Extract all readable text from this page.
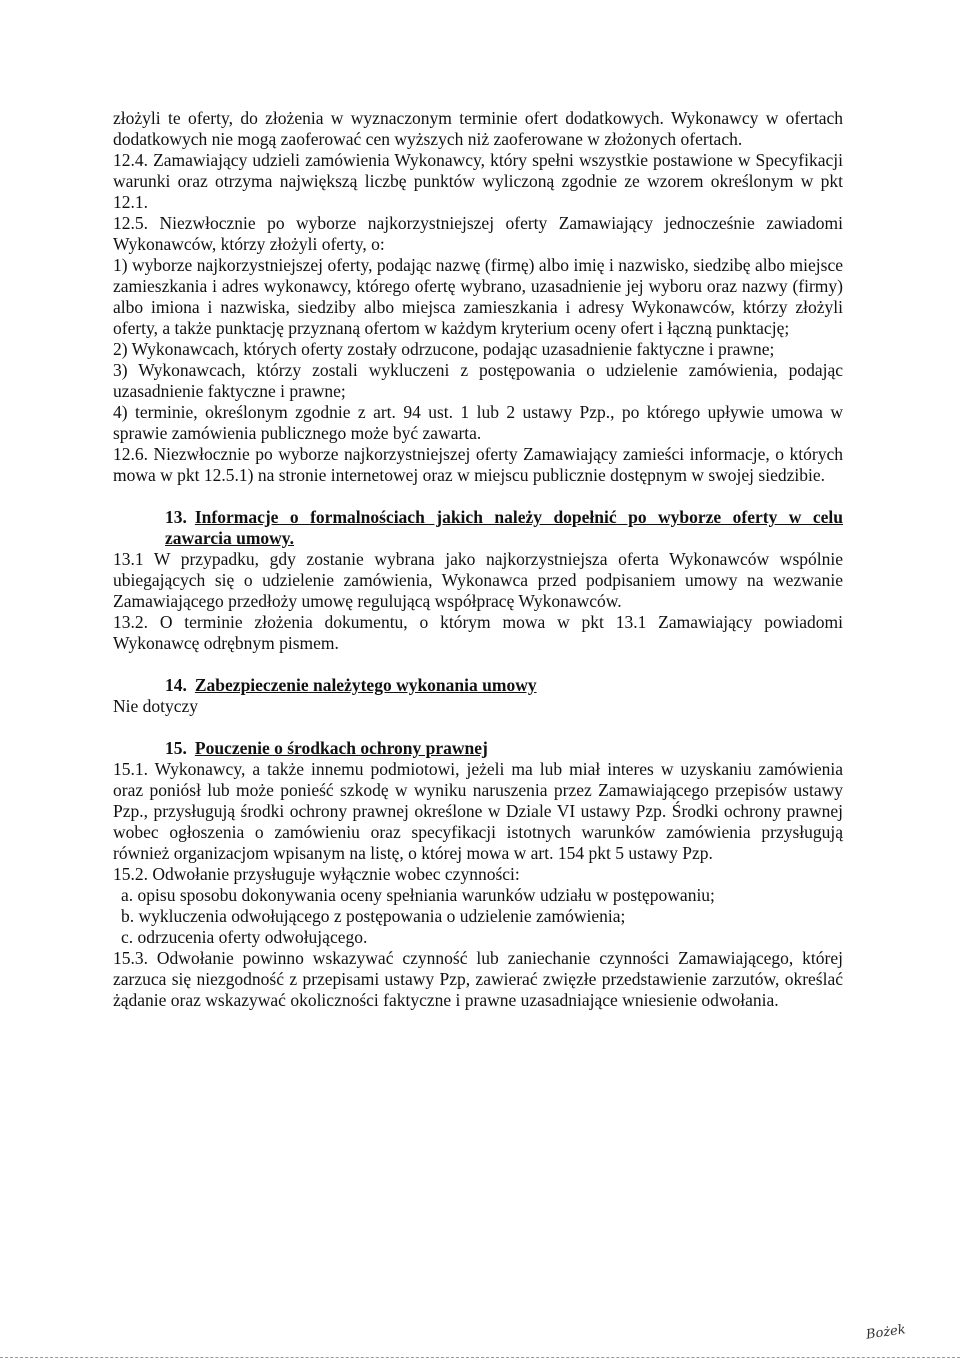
złożyli te oferty, do złożenia w wyznaczonym terminie ofert dodatkowych. Wykonawcy w ofertach dodatkowych nie mogą zaoferować cen wyższych niż zaoferowane w złożonych ofertach.

12.4. Zamawiający udzieli zamówienia Wykonawcy, który spełni wszystkie postawione w Specyfikacji warunki oraz otrzyma największą liczbę punktów wyliczoną zgodnie ze wzorem określonym w pkt 12.1.

12.5. Niezwłocznie po wyborze najkorzystniejszej oferty Zamawiający jednocześnie zawiadomi Wykonawców, którzy złożyli oferty, o:

1) wyborze najkorzystniejszej oferty, podając nazwę (firmę) albo imię i nazwisko, siedzibę albo miejsce zamieszkania i adres wykonawcy, którego ofertę wybrano, uzasadnienie jej wyboru oraz nazwy (firmy) albo imiona i nazwiska, siedziby albo miejsca zamieszkania i adresy Wykonawców, którzy złożyli oferty, a także punktację przyznaną ofertom w każdym kryterium oceny ofert i łączną punktację;

2) Wykonawcach, których oferty zostały odrzucone, podając uzasadnienie faktyczne i prawne;

3) Wykonawcach, którzy zostali wykluczeni z postępowania o udzielenie zamówienia, podając uzasadnienie faktyczne i prawne;

4) terminie, określonym zgodnie z art. 94 ust. 1 lub 2 ustawy Pzp., po którego upływie umowa w sprawie zamówienia publicznego może być zawarta.

12.6. Niezwłocznie po wyborze najkorzystniejszej oferty Zamawiający zamieści informacje, o których mowa w pkt 12.5.1) na stronie internetowej oraz w miejscu publicznie dostępnym w swojej siedzibie.

13. Informacje o formalnościach jakich należy dopełnić po wyborze oferty w celu zawarcia umowy.

13.1 W przypadku, gdy zostanie wybrana jako najkorzystniejsza oferta Wykonawców wspólnie ubiegających się o udzielenie zamówienia, Wykonawca przed podpisaniem umowy na wezwanie Zamawiającego przedłoży umowę regulującą współpracę Wykonawców.

13.2. O terminie złożenia dokumentu, o którym mowa w pkt 13.1 Zamawiający powiadomi Wykonawcę odrębnym pismem.

14. Zabezpieczenie należytego wykonania umowy

Nie dotyczy

15. Pouczenie o środkach ochrony prawnej

15.1. Wykonawcy, a także innemu podmiotowi, jeżeli ma lub miał interes w uzyskaniu zamówienia oraz poniósł lub może ponieść szkodę w wyniku naruszenia przez Zamawiającego przepisów ustawy Pzp., przysługują środki ochrony prawnej określone w Dziale VI ustawy Pzp. Środki ochrony prawnej wobec ogłoszenia o zamówieniu oraz specyfikacji istotnych warunków zamówienia przysługują również organizacjom wpisanym na listę, o której mowa w art. 154 pkt 5 ustawy Pzp.

15.2. Odwołanie przysługuje wyłącznie wobec czynności:

a. opisu sposobu dokonywania oceny spełniania warunków udziału w postępowaniu;

b. wykluczenia odwołującego z postępowania o udzielenie zamówienia;

c. odrzucenia oferty odwołującego.

15.3. Odwołanie powinno wskazywać czynność lub zaniechanie czynności Zamawiającego, której zarzuca się niezgodność z przepisami ustawy Pzp, zawierać zwięzłe przedstawienie zarzutów, określać żądanie oraz wskazywać okoliczności faktyczne i prawne uzasadniające wniesienie odwołania.

Bożek
